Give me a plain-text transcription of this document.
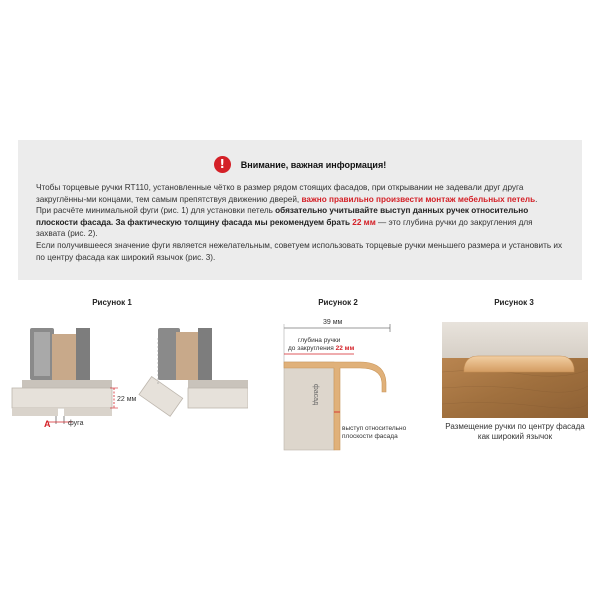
!	Внимание, важная информация!

Чтобы торцевые ручки RT110, установленные чётко в размер рядом стоящих фасадов, при открывании не задевали друг друга закруглённы-ми концами, тем самым препятствуя движению дверей, важно правильно произвести монтаж мебельных петель.

При расчёте минимальной фуги (рис. 1) для установки петель обязательно учитывайте выступ данных ручек относительно плоскости фасада. За фактическую толщину фасада мы рекомендуем брать 22 мм — это глубина ручки до закругления для захвата (рис. 2).

Если получившееся значение фуги является нежелательным, советуем использовать торцевые ручки меньшего размера и установить их по центру фасада как широкий язычок (рис. 3).

Рисунок 1	Рисунок 2	Рисунок 3
22 мм
A	фуга
39 мм
глубина ручки
до закругления 22 мм
фасад
выступ относительно
плоскости фасада
Размещение ручки по центру фасада
как широкий язычок
